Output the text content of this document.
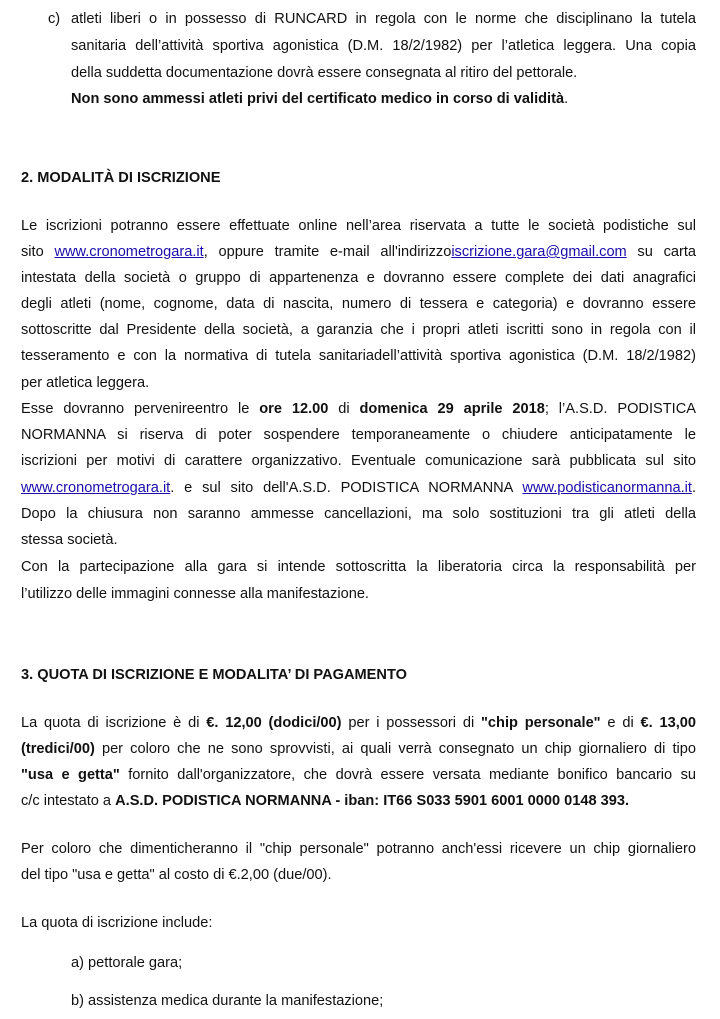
c) atleti liberi o in possesso di RUNCARD in regola con le norme che disciplinano la tutela
sanitaria dell’attività sportiva agonistica (D.M. 18/2/1982) per l’atletica leggera. Una copia
della suddetta documentazione dovrà essere consegnata al ritiro del pettorale.
Non sono ammessi atleti privi del certificato medico in corso di validità.
2. MODALITÀ DI ISCRIZIONE
Le iscrizioni potranno essere effettuate online nell’area riservata a tutte le società podistiche sul
sito www.cronometrogara.it, oppure tramite e-mail all'indirizzoiscrizione.gara@gmail.com su carta
intestata della società o gruppo di appartenenza e dovranno essere complete dei dati anagrafici
degli atleti (nome, cognome, data di nascita, numero di tessera e categoria) e dovranno essere
sottoscritte dal Presidente della società, a garanzia che i propri atleti iscritti sono in regola con il
tesseramento e con la normativa di tutela sanitariadell’attività sportiva agonistica (D.M. 18/2/1982)
per atletica leggera.
Esse dovranno pervenireentro le ore 12.00 di domenica 29 aprile 2018; l’A.S.D. PODISTICA
NORMANNA si riserva di poter sospendere temporaneamente o chiudere anticipatamente le
iscrizioni per motivi di carattere organizzativo. Eventuale comunicazione sarà pubblicata sul sito
www.cronometrogara.it. e sul sito dell'A.S.D. PODISTICA NORMANNA www.podisticanormanna.it.
Dopo la chiusura non saranno ammesse cancellazioni, ma solo sostituzioni tra gli atleti della
stessa società.
Con la partecipazione alla gara si intende sottoscritta la liberatoria circa la responsabilità per
l’utilizzo delle immagini connesse alla manifestazione.
3. QUOTA DI ISCRIZIONE E MODALITA’ DI PAGAMENTO
La quota di iscrizione è di €. 12,00 (dodici/00) per i possessori di "chip personale" e di €. 13,00
(tredici/00) per coloro che ne sono sprovvisti, ai quali verrà consegnato un chip giornaliero di tipo
"usa e getta" fornito dall'organizzatore, che dovrà essere versata mediante bonifico bancario su
c/c intestato a A.S.D. PODISTICA NORMANNA - iban: IT66 S033 5901 6001 0000 0148 393.
Per coloro che dimenticheranno il "chip personale" potranno anch'essi ricevere un chip giornaliero
del tipo "usa e getta" al costo di €.2,00 (due/00).
La quota di iscrizione include:
a) pettorale gara;
b) assistenza medica durante la manifestazione;
